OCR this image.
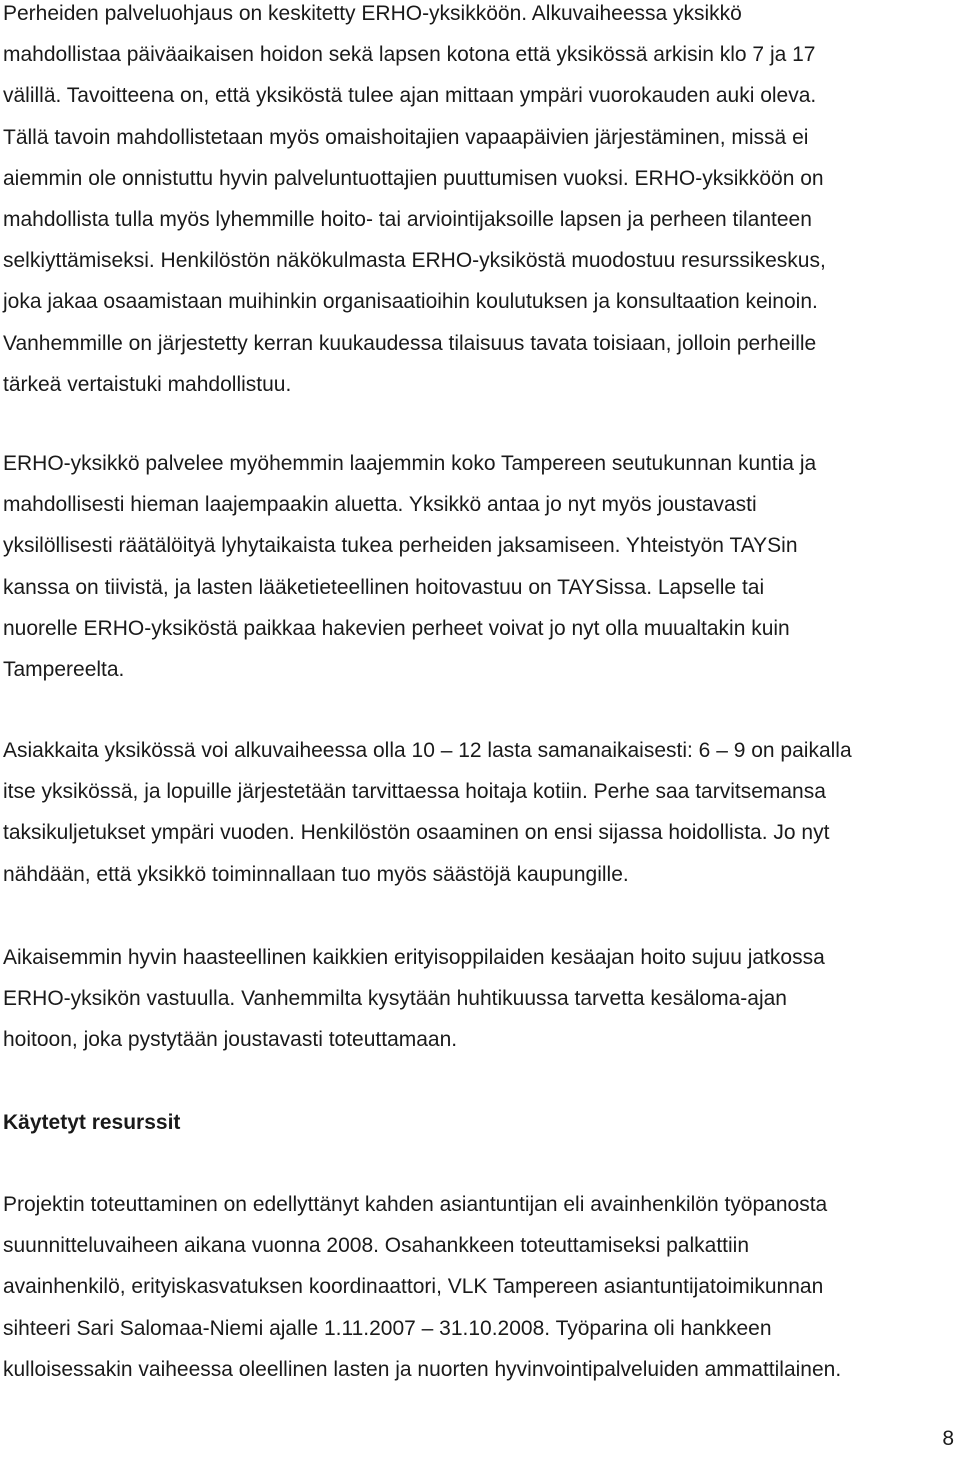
Perheiden palveluohjaus on keskitetty ERHO-yksikköön. Alkuvaiheessa yksikkö
mahdollistaa päiväaikaisen hoidon sekä lapsen kotona että yksikössä arkisin klo 7 ja 17
välillä. Tavoitteena on, että yksiköstä tulee ajan mittaan ympäri vuorokauden auki oleva.
Tällä tavoin mahdollistetaan myös omaishoitajien vapaapäivien järjestäminen, missä ei
aiemmin ole onnistuttu hyvin palveluntuottajien puuttumisen vuoksi. ERHO-yksikköön on
mahdollista tulla myös lyhemmille hoito- tai arviointijaksoille lapsen ja perheen tilanteen
selkiyttämiseksi. Henkilöstön näkökulmasta ERHO-yksiköstä muodostuu resurssikeskus,
joka jakaa osaamistaan muihinkin organisaatioihin koulutuksen ja konsultaation keinoin.
Vanhemmille on järjestetty kerran kuukaudessa tilaisuus tavata toisiaan, jolloin perheille
tärkeä vertaistuki mahdollistuu.

ERHO-yksikkö palvelee myöhemmin laajemmin koko Tampereen seutukunnan kuntia ja
mahdollisesti hieman laajempaakin aluetta. Yksikkö antaa jo nyt myös joustavasti
yksilöllisesti räätälöityä lyhytaikaista tukea perheiden jaksamiseen. Yhteistyön TAYSin
kanssa on tiivistä, ja lasten lääketieteellinen hoitovastuu on TAYSissa. Lapselle tai
nuorelle ERHO-yksiköstä paikkaa hakevien perheet voivat jo nyt olla muualtakin kuin
Tampereelta.

Asiakkaita yksikössä voi alkuvaiheessa olla 10 – 12 lasta samanaikaisesti: 6 – 9 on paikalla
itse yksikössä, ja lopuille järjestetään tarvittaessa hoitaja kotiin. Perhe saa tarvitsemansa
taksikuljetukset ympäri vuoden. Henkilöstön osaaminen on ensi sijassa hoidollista. Jo nyt
nähdään, että yksikkö toiminnallaan tuo myös säästöjä kaupungille.

Aikaisemmin hyvin haasteellinen kaikkien erityisoppilaiden kesäajan hoito sujuu jatkossa
ERHO-yksikön vastuulla. Vanhemmilta kysytään huhtikuussa tarvetta kesäloma-ajan
hoitoon, joka pystytään joustavasti toteuttamaan.

Käytetyt resurssit

Projektin toteuttaminen on edellyttänyt kahden asiantuntijan eli avainhenkilön työpanosta
suunnitteluvaiheen aikana vuonna 2008. Osahankkeen toteuttamiseksi palkattiin
avainhenkilö, erityiskasvatuksen koordinaattori, VLK Tampereen asiantuntijatoimikunnan
sihteeri Sari Salomaa-Niemi ajalle 1.11.2007 – 31.10.2008. Työparina oli hankkeen
kulloisessakin vaiheessa oleellinen lasten ja nuorten hyvinvointipalveluiden ammattilainen.

8
